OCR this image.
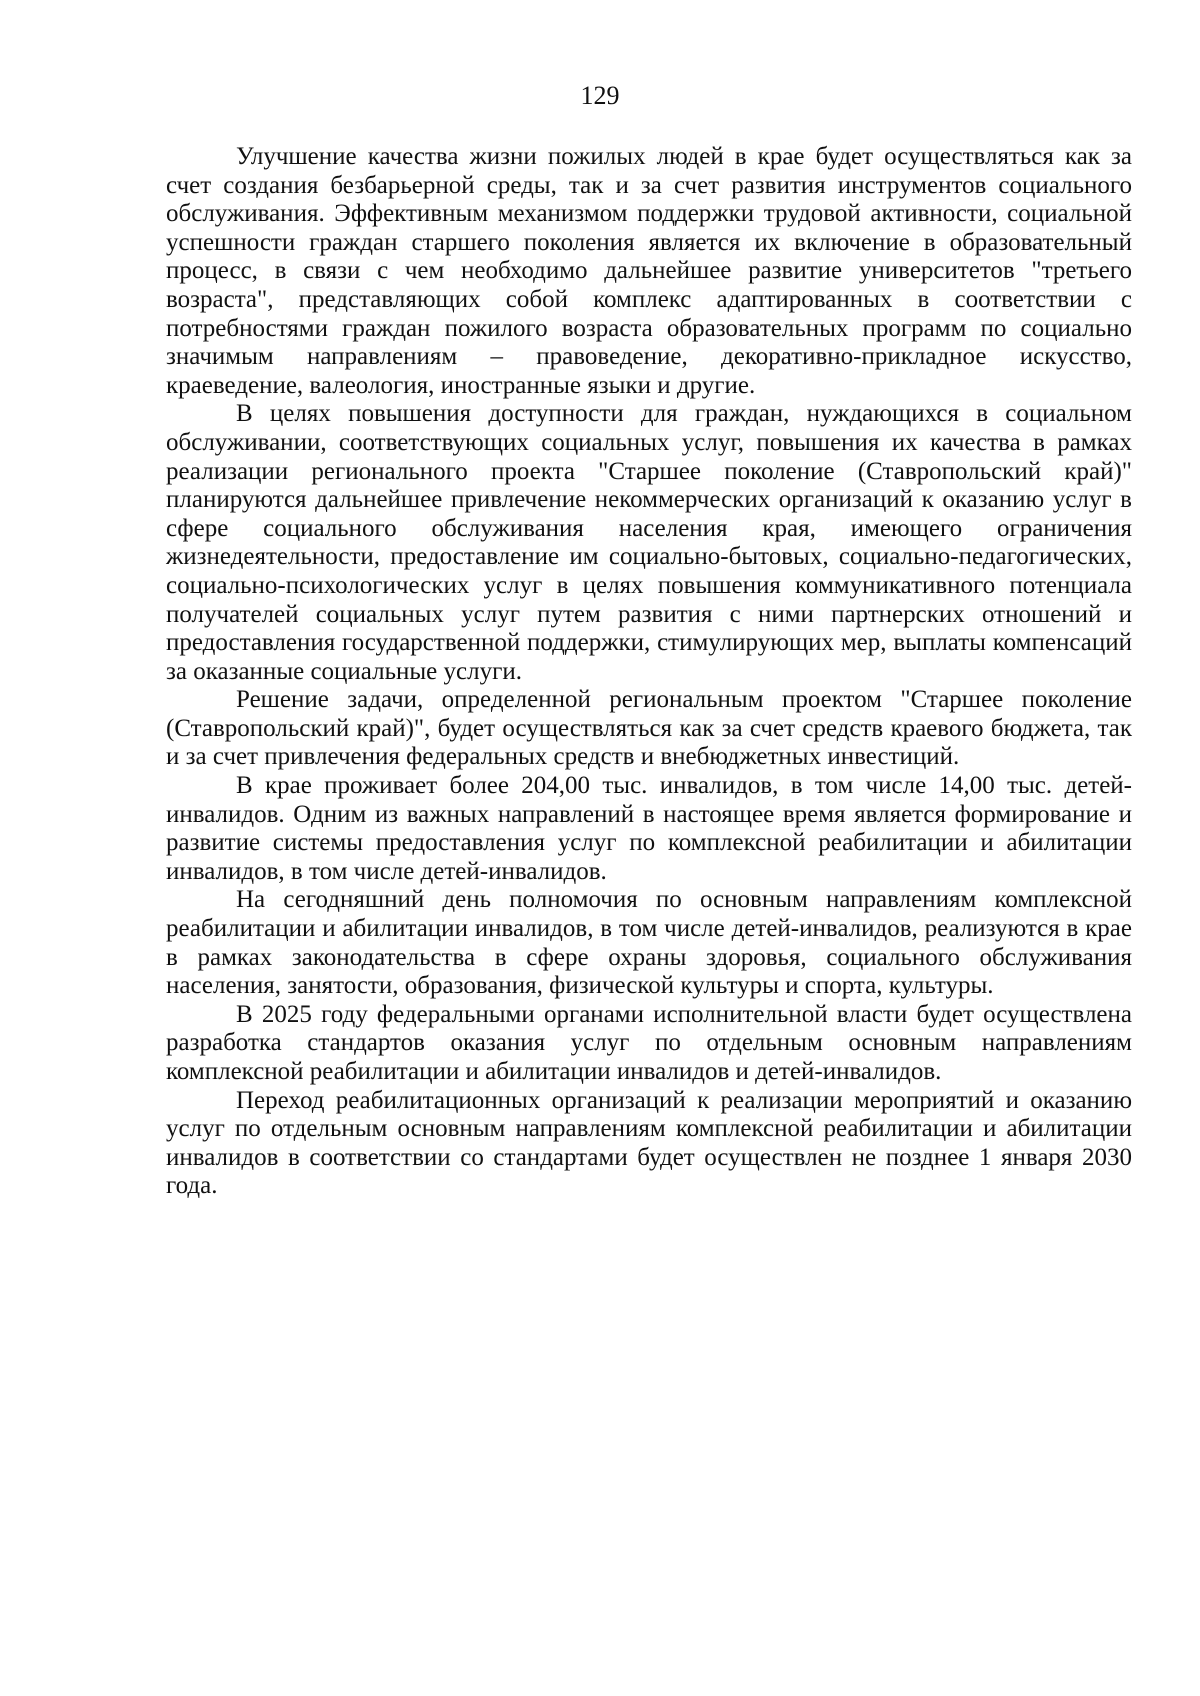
129

Улучшение качества жизни пожилых людей в крае будет осуществляться как за счет создания безбарьерной среды, так и за счет развития инструментов социального обслуживания. Эффективным механизмом поддержки трудовой активности, социальной успешности граждан старшего поколения является их включение в образовательный процесс, в связи с чем необходимо дальнейшее развитие университетов "третьего возраста", представляющих собой комплекс адаптированных в соответствии с потребностями граждан пожилого возраста образовательных программ по социально значимым направлениям – правоведение, декоративно-прикладное искусство, краеведение, валеология, иностранные языки и другие.

В целях повышения доступности для граждан, нуждающихся в социальном обслуживании, соответствующих социальных услуг, повышения их качества в рамках реализации регионального проекта "Старшее поколение (Ставропольский край)" планируются дальнейшее привлечение некоммерческих организаций к оказанию услуг в сфере социального обслуживания населения края, имеющего ограничения жизнедеятельности, предоставление им социально-бытовых, социально-педагогических, социально-психологических услуг в целях повышения коммуникативного потенциала получателей социальных услуг путем развития с ними партнерских отношений и предоставления государственной поддержки, стимулирующих мер, выплаты компенсаций за оказанные социальные услуги.

Решение задачи, определенной региональным проектом "Старшее поколение (Ставропольский край)", будет осуществляться как за счет средств краевого бюджета, так и за счет привлечения федеральных средств и внебюджетных инвестиций.

В крае проживает более 204,00 тыс. инвалидов, в том числе 14,00 тыс. детей-инвалидов. Одним из важных направлений в настоящее время является формирование и развитие системы предоставления услуг по комплексной реабилитации и абилитации инвалидов, в том числе детей-инвалидов.

На сегодняшний день полномочия по основным направлениям комплексной реабилитации и абилитации инвалидов, в том числе детей-инвалидов, реализуются в крае в рамках законодательства в сфере охраны здоровья, социального обслуживания населения, занятости, образования, физической культуры и спорта, культуры.

В 2025 году федеральными органами исполнительной власти будет осуществлена разработка стандартов оказания услуг по отдельным основным направлениям комплексной реабилитации и абилитации инвалидов и детей-инвалидов.

Переход реабилитационных организаций к реализации мероприятий и оказанию услуг по отдельным основным направлениям комплексной реабилитации и абилитации инвалидов в соответствии со стандартами будет осуществлен не позднее 1 января 2030 года.
